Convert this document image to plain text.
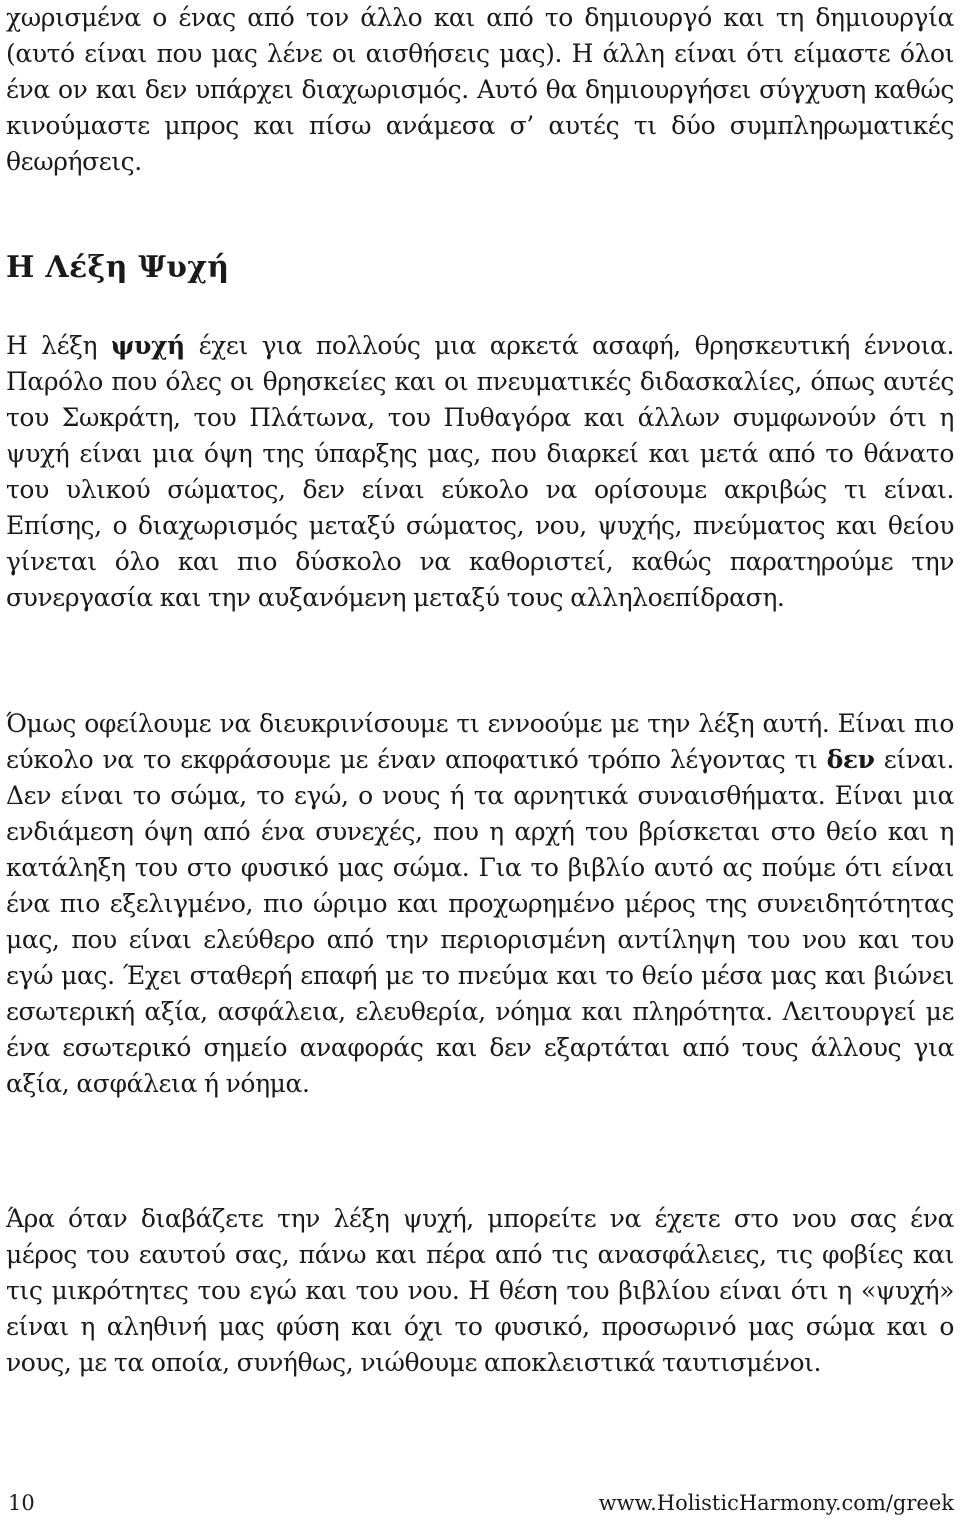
χωρισμένα ο ένας από τον άλλο και από το δημιουργό και τη δημιουργία (αυτό είναι που μας λένε οι αισθήσεις μας). Η άλλη είναι ότι είμαστε όλοι ένα ον και δεν υπάρχει διαχωρισμός. Αυτό θα δημιουργήσει σύγχυση καθώς κινούμαστε μπρος και πίσω ανάμεσα σ’ αυτές τι δύο συμπληρωματικές θεωρήσεις.

Η Λέξη Ψυχή

Η λέξη ψυχή έχει για πολλούς μια αρκετά ασαφή, θρησκευτική έννοια. Παρόλο που όλες οι θρησκείες και οι πνευματικές διδασκαλίες, όπως αυτές του Σωκράτη, του Πλάτωνα, του Πυθαγόρα και άλλων συμφωνούν ότι η ψυχή είναι μια όψη της ύπαρξης μας, που διαρκεί και μετά από το θάνατο του υλικού σώματος, δεν είναι εύκολο να ορίσουμε ακριβώς τι είναι. Επίσης, ο διαχωρισμός μεταξύ σώματος, νου, ψυχής, πνεύματος και θείου γίνεται όλο και πιο δύσκολο να καθοριστεί, καθώς παρατηρούμε την συνεργασία και την αυξανόμενη μεταξύ τους αλληλοεπίδραση.

Όμως οφείλουμε να διευκρινίσουμε τι εννοούμε με την λέξη αυτή. Είναι πιο εύκολο να το εκφράσουμε με έναν αποφατικό τρόπο λέγοντας τι δεν είναι. Δεν είναι το σώμα, το εγώ, ο νους ή τα αρνητικά συναισθήματα. Είναι μια ενδιάμεση όψη από ένα συνεχές, που η αρχή του βρίσκεται στο θείο και η κατάληξη του στο φυσικό μας σώμα. Για το βιβλίο αυτό ας πούμε ότι είναι ένα πιο εξελιγμένο, πιο ώριμο και προχωρημένο μέρος της συνειδητότητας μας, που είναι ελεύθερο από την περιορισμένη αντίληψη του νου και του εγώ μας. Έχει σταθερή επαφή με το πνεύμα και το θείο μέσα μας και βιώνει εσωτερική αξία, ασφάλεια, ελευθερία, νόημα και πληρότητα. Λειτουργεί με ένα εσωτερικό σημείο αναφοράς και δεν εξαρτάται από τους άλλους για αξία, ασφάλεια ή νόημα.

Άρα όταν διαβάζετε την λέξη ψυχή, μπορείτε να έχετε στο νου σας ένα μέρος του εαυτού σας, πάνω και πέρα από τις ανασφάλειες, τις φοβίες και τις μικρότητες του εγώ και του νου. Η θέση του βιβλίου είναι ότι η «ψυχή» είναι η αληθινή μας φύση και όχι το φυσικό, προσωρινό μας σώμα και ο νους, με τα οποία, συνήθως, νιώθουμε αποκλειστικά ταυτισμένοι.

10	www.HolisticHarmony.com/greek
